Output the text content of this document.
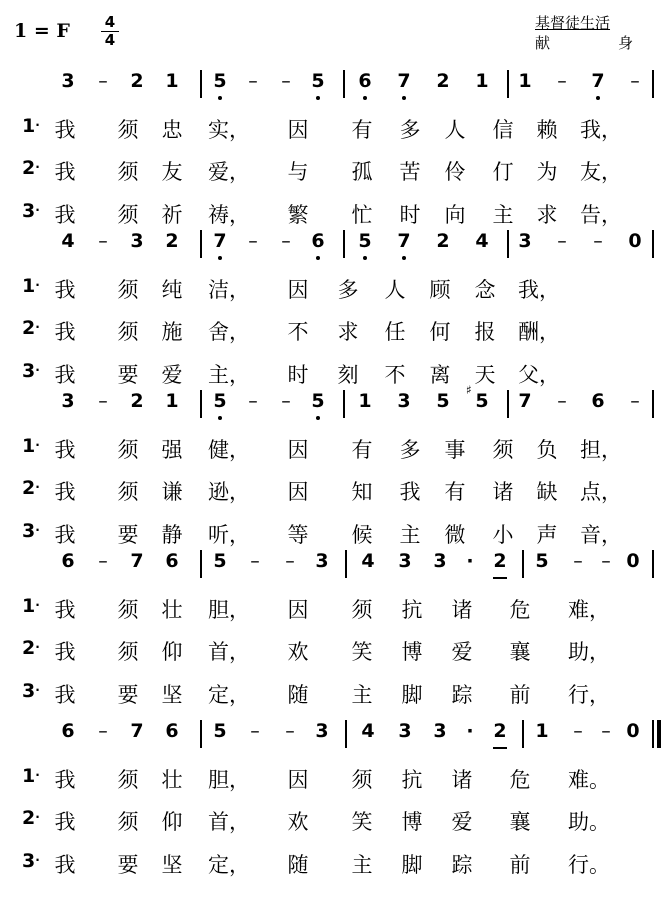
1 = F 4
4
基督徒生活
献	身
3 – 2 1 5 – – 5 6 7 2 1 1 – 7 –
1· 我 须 忠 实， 因 有 多 人 信 赖 我，
2· 我 须 友 爱， 与 孤 苦 伶 仃 为 友，
3· 我 须 祈 祷， 繁 忙 时 向 主 求 告，
4 – 3 2 7 – – 6 5 7 2 4 3 – – 0
1· 我 须 纯 洁， 因 多 人 顾 念 我，
2· 我 须 施 舍， 不 求 任 何 报 酬，
3· 我 要 爱 主， 时 刻 不 离 天 父，
3 – 2 1 5 – – 5 1 3 5
♯ 5 7 – 6 –
1· 我 须 强 健， 因 有 多 事 须 负 担，
2· 我 须 谦 逊， 因 知 我 有 诸 缺 点，
3· 我 要 静 听， 等 候 主 微 小 声 音，
6 – 7 6 5 – – 3 4 3 3	·	2 5 – – 0
1· 我 须 壮 胆， 因 须 抗 诸 危 难，
2· 我 须 仰 首， 欢 笑 博 爱 襄 助，
3· 我 要 坚 定， 随 主 脚 踪 前 行，
6 – 7 6 5 – – 3 4 3 3	·	2 1 – – 0
1· 我 须 壮 胆， 因 须 抗 诸 危 难。
2· 我 须 仰 首， 欢 笑 博 爱 襄 助。
3· 我 要 坚 定， 随 主 脚 踪 前 行。
